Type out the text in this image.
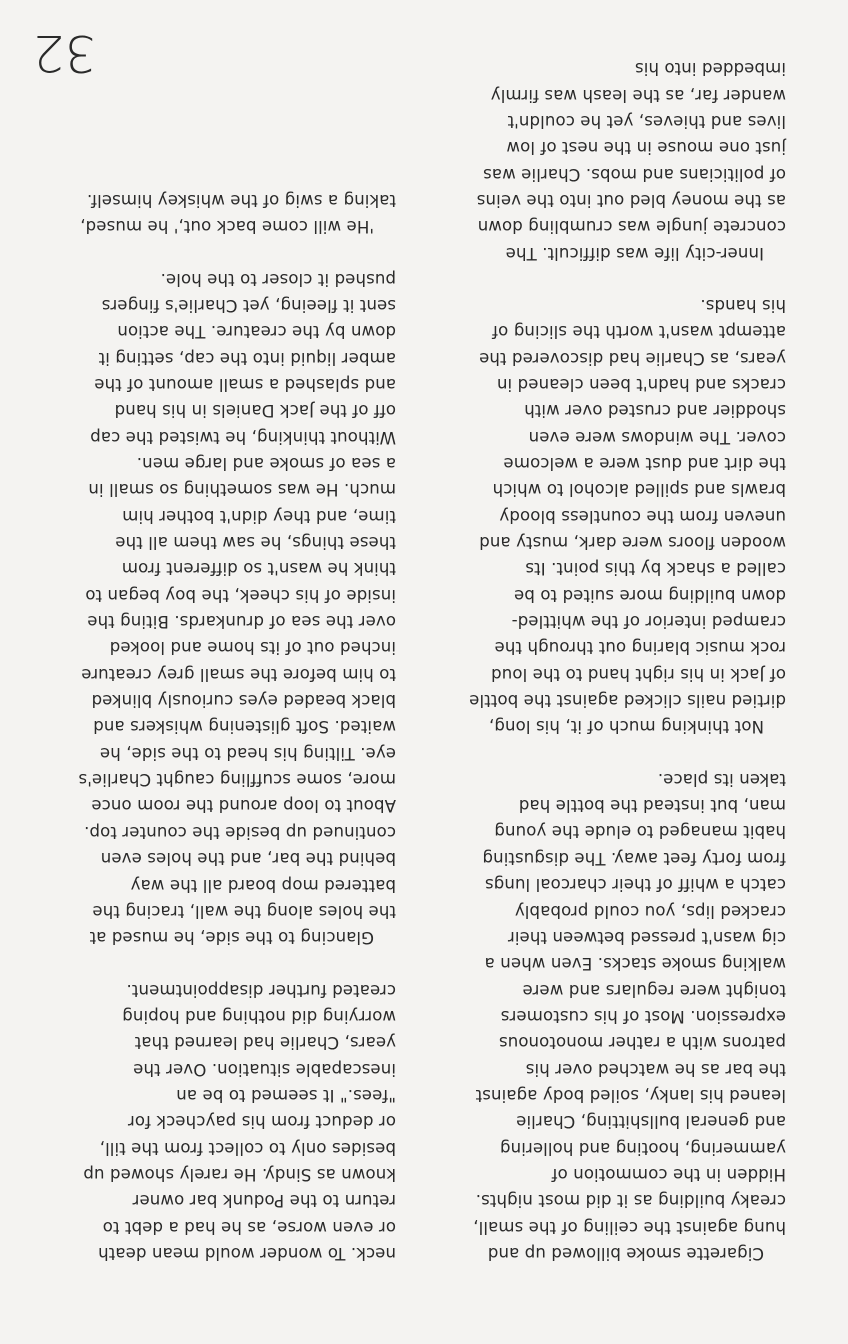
Cigarette smoke billowed up and hung against the ceiling of the small, creaky building as it did most nights. Hidden in the commotion of yammering, hooting and hollering and general bullshitting, Charlie leaned his lanky, soiled body against the bar as he watched over his patrons with a rather monotonous expression. Most of his customers tonight were regulars and were walking smoke stacks. Even when a cig wasn't pressed between their cracked lips, you could probably catch a whiff of their charcoal lungs from forty feet away. The disgusting habit managed to elude the young man, but instead the bottle had taken its place.

Not thinking much of it, his long, dirtied nails clicked against the bottle of Jack in his right hand to the loud rock music blaring out through the cramped interior of the whittled-down building more suited to be called a shack by this point. Its wooden floors were dark, musty and uneven from the countless bloody brawls and spilled alcohol to which the dirt and dust were a welcome cover. The windows were even shoddier and crusted over with cracks and hadn't been cleaned in years, as Charlie had discovered the attempt wasn't worth the slicing of his hands.

Inner-city life was difficult. The concrete jungle was crumbling down as the money bled out into the veins of politicians and mobs. Charlie was just one mouse in the nest of low lives and thieves, yet he couldn't wander far, as the leash was firmly imbedded into his

neck. To wonder would mean death or even worse, as he had a debt to return to the Podunk bar owner known as Sindy. He rarely showed up besides only to collect from the till, or deduct from his paycheck for "fees." It seemed to be an inescapable situation. Over the years, Charlie had learned that worrying did nothing and hoping created further disappointment.

Glancing to the side, he mused at the holes along the wall, tracing the battered mop board all the way behind the bar, and the holes even continued up beside the counter top. About to loop around the room once more, some scuffling caught Charlie's eye. Tilting his head to the side, he waited. Soft glistening whiskers and black beaded eyes curiously blinked to him before the small grey creature inched out of its home and looked over the sea of drunkards. Biting the inside of his cheek, the boy began to think he wasn't so different from these things, he saw them all the time, and they didn't bother him much. He was something so small in a sea of smoke and large men. Without thinking, he twisted the cap off of the Jack Daniels in his hand and splashed a small amount of the amber liquid into the cap, setting it down by the creature. The action sent it fleeing, yet Charlie's fingers pushed it closer to the hole.

'He will come back out,' he mused, taking a swig of the whiskey himself.

32
